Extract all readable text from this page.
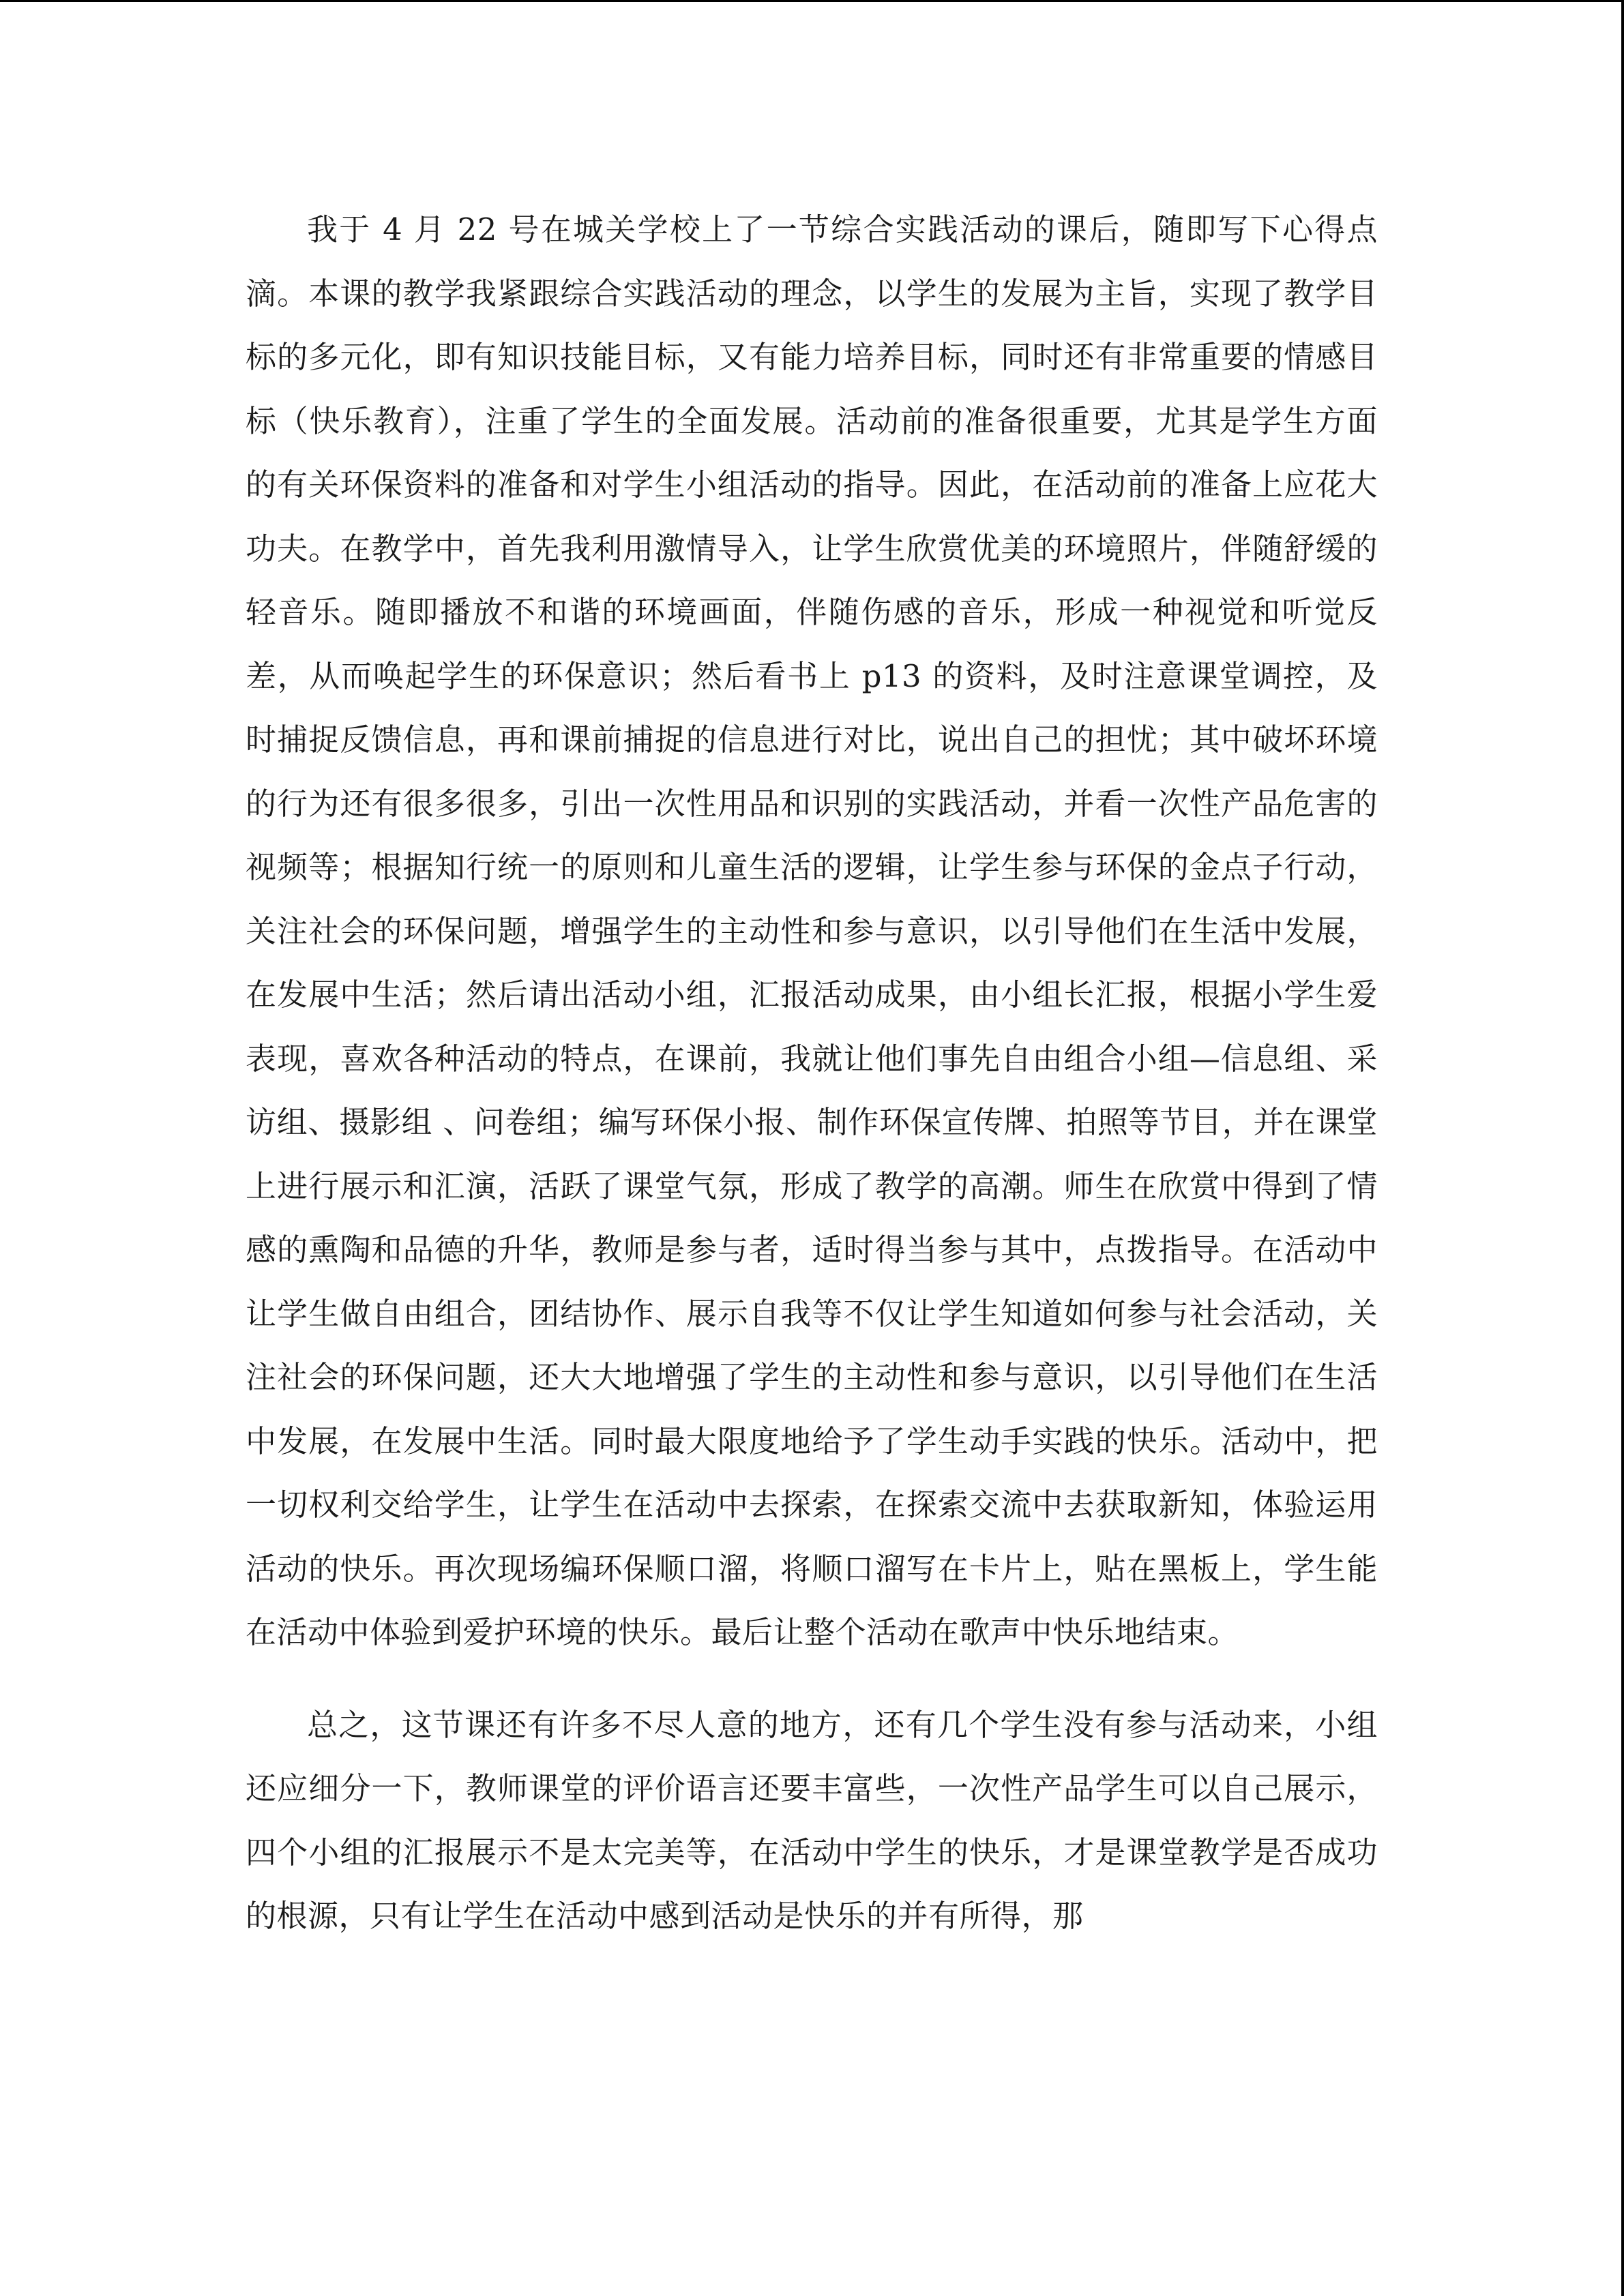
我于 4 月 22 号在城关学校上了一节综合实践活动的课后，随即写下心得点滴。本课的教学我紧跟综合实践活动的理念，以学生的发展为主旨，实现了教学目标的多元化，即有知识技能目标，又有能力培养目标，同时还有非常重要的情感目标（快乐教育），注重了学生的全面发展。活动前的准备很重要，尤其是学生方面的有关环保资料的准备和对学生小组活动的指导。因此，在活动前的准备上应花大功夫。在教学中，首先我利用激情导入，让学生欣赏优美的环境照片，伴随舒缓的轻音乐。随即播放不和谐的环境画面，伴随伤感的音乐，形成一种视觉和听觉反差，从而唤起学生的环保意识；然后看书上 p13 的资料，及时注意课堂调控，及时捕捉反馈信息，再和课前捕捉的信息进行对比，说出自己的担忧；其中破坏环境的行为还有很多很多，引出一次性用品和识别的实践活动，并看一次性产品危害的视频等；根据知行统一的原则和儿童生活的逻辑，让学生参与环保的金点子行动，关注社会的环保问题，增强学生的主动性和参与意识，以引导他们在生活中发展，在发展中生活；然后请出活动小组，汇报活动成果，由小组长汇报，根据小学生爱表现，喜欢各种活动的特点，在课前，我就让他们事先自由组合小组—信息组、采访组、摄影组 、问卷组；编写环保小报、制作环保宣传牌、拍照等节目，并在课堂上进行展示和汇演，活跃了课堂气氛，形成了教学的高潮。师生在欣赏中得到了情感的熏陶和品德的升华，教师是参与者，适时得当参与其中，点拨指导。在活动中让学生做自由组合，团结协作、展示自我等不仅让学生知道如何参与社会活动，关注社会的环保问题，还大大地增强了学生的主动性和参与意识，以引导他们在生活中发展，在发展中生活。同时最大限度地给予了学生动手实践的快乐。活动中，把一切权利交给学生，让学生在活动中去探索，在探索交流中去获取新知，体验运用活动的快乐。再次现场编环保顺口溜，将顺口溜写在卡片上，贴在黑板上，学生能在活动中体验到爱护环境的快乐。最后让整个活动在歌声中快乐地结束。

总之，这节课还有许多不尽人意的地方，还有几个学生没有参与活动来，小组还应细分一下，教师课堂的评价语言还要丰富些，一次性产品学生可以自己展示，四个小组的汇报展示不是太完美等，在活动中学生的快乐，才是课堂教学是否成功的根源，只有让学生在活动中感到活动是快乐的并有所得，那
